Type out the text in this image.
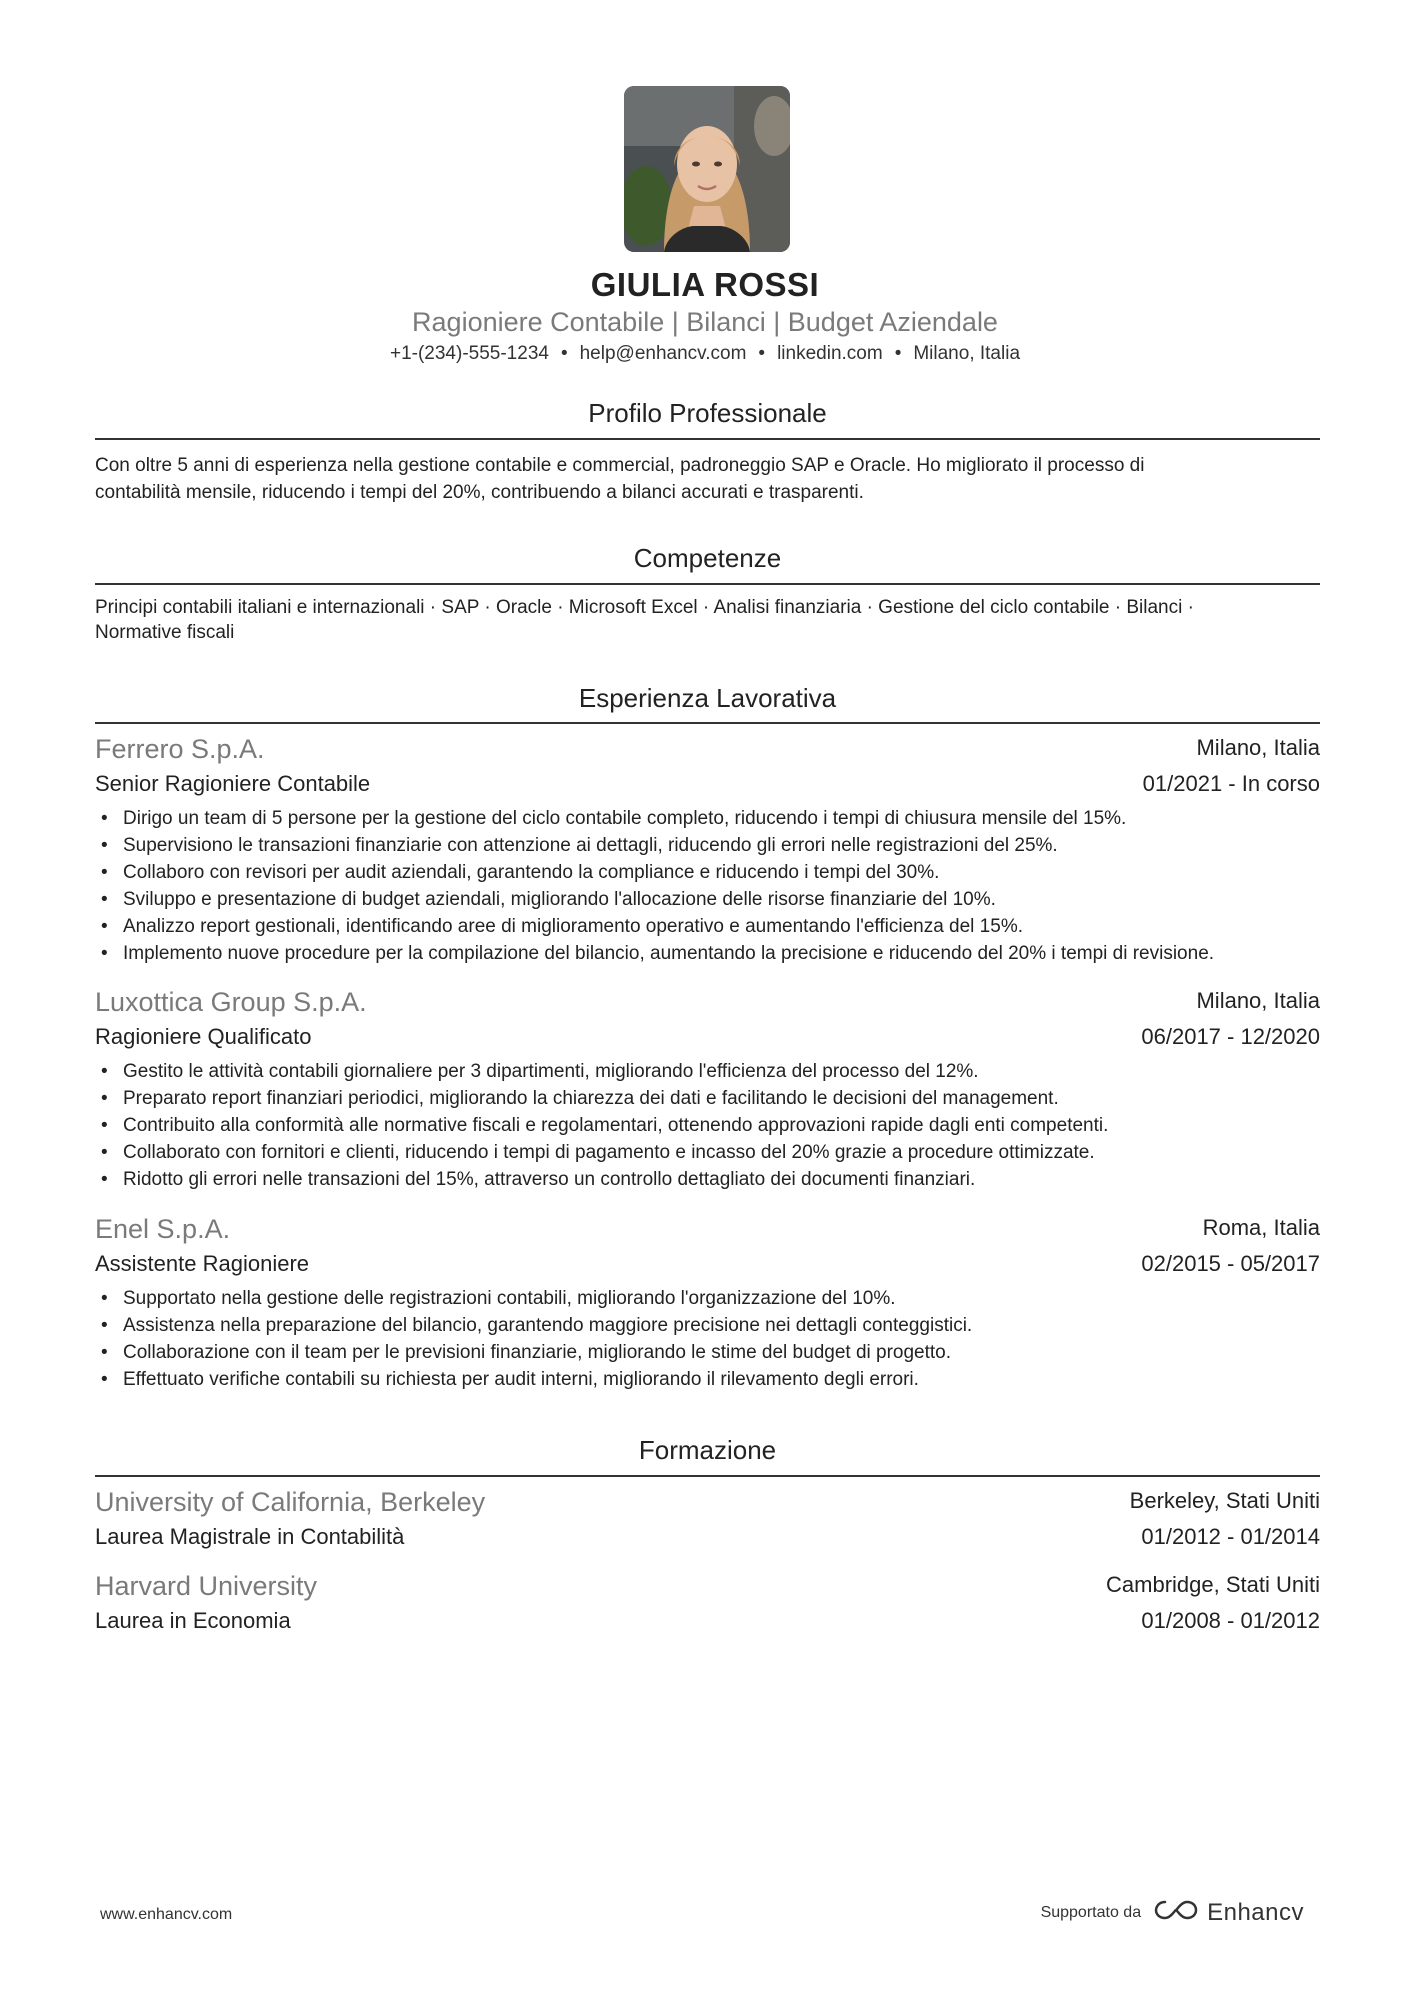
GIULIA ROSSI
Ragioniere Contabile | Bilanci | Budget Aziendale
+1-(234)-555-1234 • help@enhancv.com • linkedin.com • Milano, Italia
Profilo Professionale
Con oltre 5 anni di esperienza nella gestione contabile e commercial, padroneggio SAP e Oracle. Ho migliorato il processo di
contabilità mensile, riducendo i tempi del 20%, contribuendo a bilanci accurati e trasparenti.
Competenze
Principi contabili italiani e internazionali · SAP · Oracle · Microsoft Excel · Analisi finanziaria · Gestione del ciclo contabile · Bilanci ·
Normative fiscali
Esperienza Lavorativa
Ferrero S.p.A.	Milano, Italia
Senior Ragioniere Contabile	01/2021 - In corso
• Dirigo un team di 5 persone per la gestione del ciclo contabile completo, riducendo i tempi di chiusura mensile del 15%.
• Supervisiono le transazioni finanziarie con attenzione ai dettagli, riducendo gli errori nelle registrazioni del 25%.
• Collaboro con revisori per audit aziendali, garantendo la compliance e riducendo i tempi del 30%.
• Sviluppo e presentazione di budget aziendali, migliorando l'allocazione delle risorse finanziarie del 10%.
• Analizzo report gestionali, identificando aree di miglioramento operativo e aumentando l'efficienza del 15%.
• Implemento nuove procedure per la compilazione del bilancio, aumentando la precisione e riducendo del 20% i tempi di revisione.
Luxottica Group S.p.A.	Milano, Italia
Ragioniere Qualificato	06/2017 - 12/2020
• Gestito le attività contabili giornaliere per 3 dipartimenti, migliorando l'efficienza del processo del 12%.
• Preparato report finanziari periodici, migliorando la chiarezza dei dati e facilitando le decisioni del management.
• Contribuito alla conformità alle normative fiscali e regolamentari, ottenendo approvazioni rapide dagli enti competenti.
• Collaborato con fornitori e clienti, riducendo i tempi di pagamento e incasso del 20% grazie a procedure ottimizzate.
• Ridotto gli errori nelle transazioni del 15%, attraverso un controllo dettagliato dei documenti finanziari.
Enel S.p.A.	Roma, Italia
Assistente Ragioniere	02/2015 - 05/2017
• Supportato nella gestione delle registrazioni contabili, migliorando l'organizzazione del 10%.
• Assistenza nella preparazione del bilancio, garantendo maggiore precisione nei dettagli conteggistici.
• Collaborazione con il team per le previsioni finanziarie, migliorando le stime del budget di progetto.
• Effettuato verifiche contabili su richiesta per audit interni, migliorando il rilevamento degli errori.
Formazione
University of California, Berkeley	Berkeley, Stati Uniti
Laurea Magistrale in Contabilità	01/2012 - 01/2014
Harvard University	Cambridge, Stati Uniti
Laurea in Economia	01/2008 - 01/2012
www.enhancv.com	Supportato da	Enhancv
